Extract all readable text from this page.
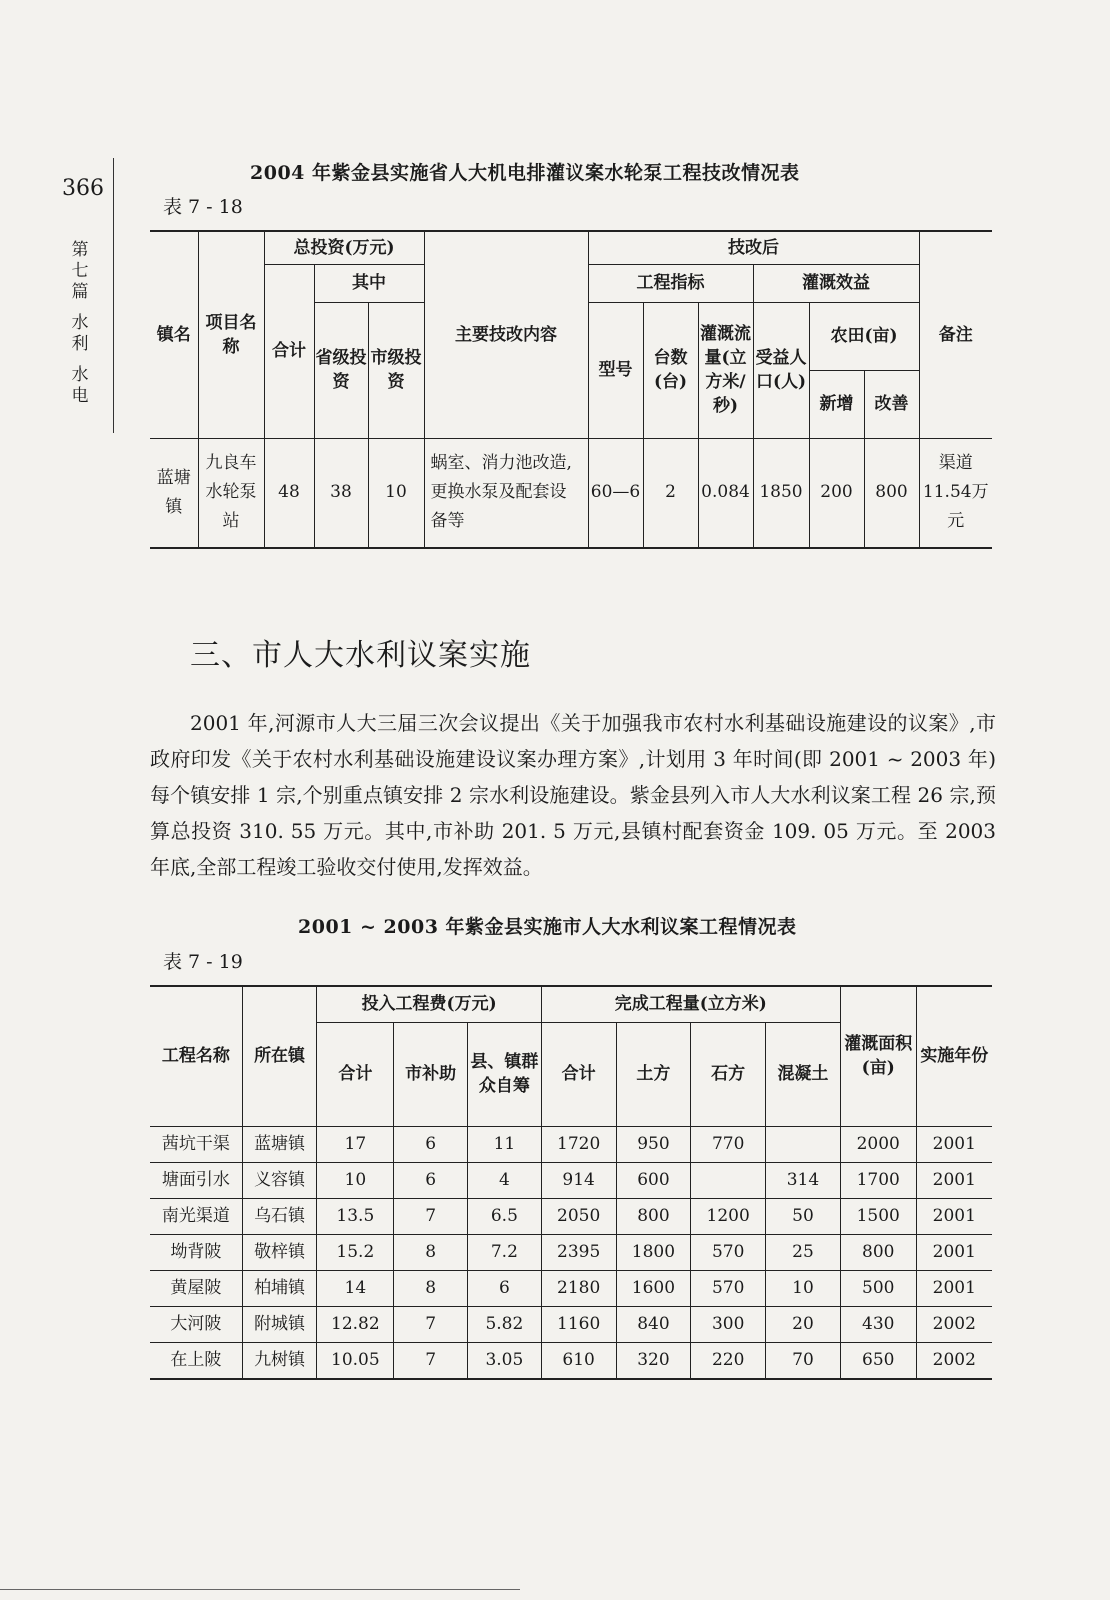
366
第
七
篇
水
利
水
电
2004 年紫金县实施省人大机电排灌议案水轮泵工程技改情况表
表 7 - 18
镇名	项目名称	总投资(万元)			主要技改内容	技改后						备注
		合计	其中			工程指标			灌溉效益			
			省级投资	市级投资		型号	台数(台)	灌溉流量(立方米/秒)	受益人口(人)	农田(亩)		
										新增	改善	
蓝塘镇	九良车水轮泵站	48	38	10	蜗室、消力池改造,更换水泵及配套设备等	60—6	2	0.084	1850	200	800	渠道11.54万元
三、市人大水利议案实施
2001 年,河源市人大三届三次会议提出《关于加强我市农村水利基础设施建设的议案》,市政府印发《关于农村水利基础设施建设议案办理方案》,计划用 3 年时间(即 2001 ~ 2003 年)每个镇安排 1 宗,个别重点镇安排 2 宗水利设施建设。紫金县列入市人大水利议案工程 26 宗,预算总投资 310. 55 万元。其中,市补助 201. 5 万元,县镇村配套资金 109. 05 万元。至 2003 年底,全部工程竣工验收交付使用,发挥效益。
2001 ~ 2003 年紫金县实施市人大水利议案工程情况表
表 7 - 19
工程名称	所在镇	投入工程费(万元)			完成工程量(立方米)				灌溉面积(亩)	实施年份
		合计	市补助	县、镇群众自筹	合计	土方	石方	混凝土		
茜坑干渠	蓝塘镇	17	6	11	1720	950	770		2000	2001
塘面引水	义容镇	10	6	4	914	600		314	1700	2001
南光渠道	乌石镇	13.5	7	6.5	2050	800	1200	50	1500	2001
坳背陂	敬梓镇	15.2	8	7.2	2395	1800	570	25	800	2001
黄屋陂	柏埔镇	14	8	6	2180	1600	570	10	500	2001
大河陂	附城镇	12.82	7	5.82	1160	840	300	20	430	2002
在上陂	九树镇	10.05	7	3.05	610	320	220	70	650	2002
